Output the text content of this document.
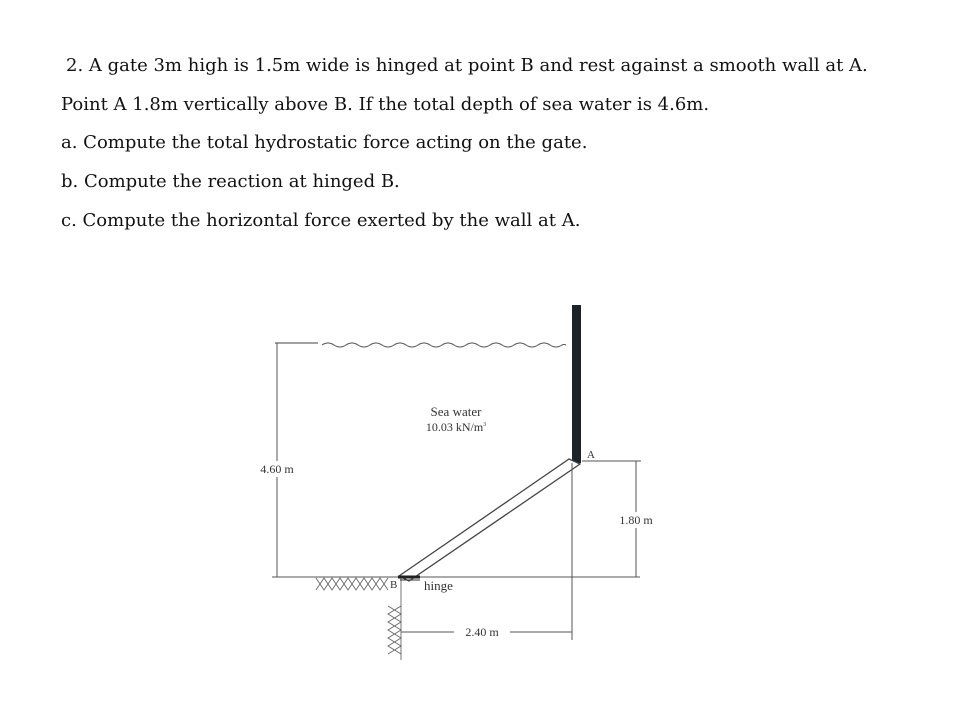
2. A gate 3m high is 1.5m wide is hinged at point B and rest against a smooth wall at A.
Point A 1.8m vertically above B. If the total depth of sea water is 4.6m.
a. Compute the total hydrostatic force acting on the gate.
b. Compute the reaction at hinged B.
c. Compute the horizontal force exerted by the wall at A.
4.60 m
B hinge
A
Sea water
10.03 $kN/m^3$
1.80 m
2.40 m
